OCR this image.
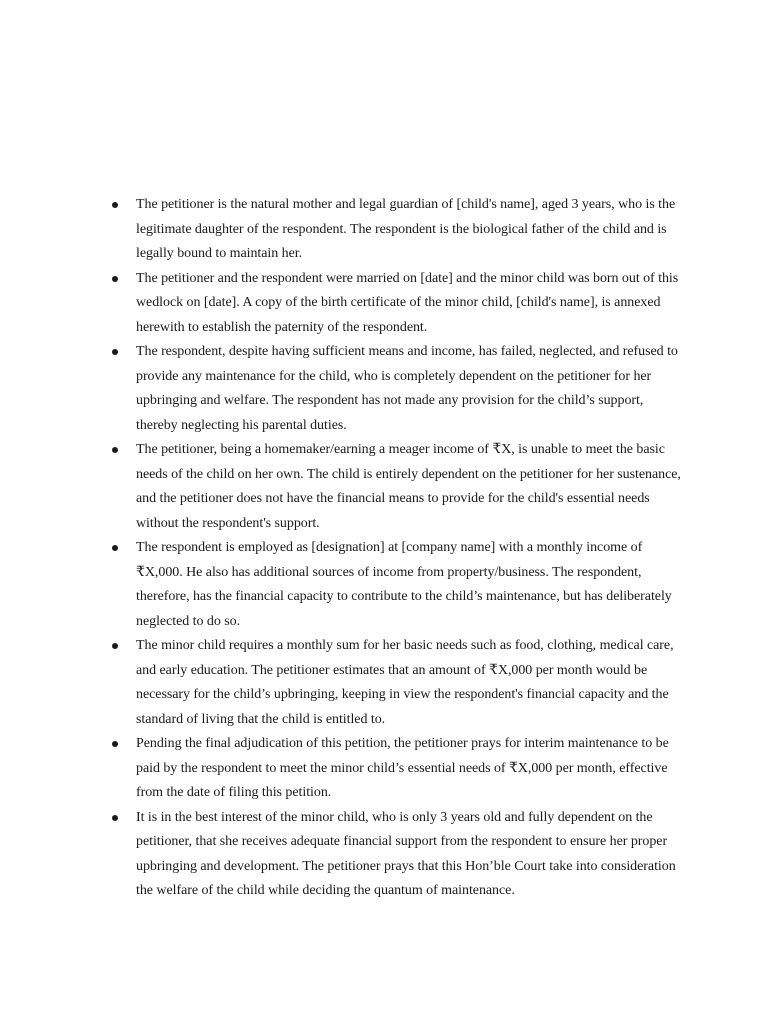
The petitioner is the natural mother and legal guardian of [child's name], aged 3 years, who is the legitimate daughter of the respondent. The respondent is the biological father of the child and is legally bound to maintain her.
The petitioner and the respondent were married on [date] and the minor child was born out of this wedlock on [date]. A copy of the birth certificate of the minor child, [child's name], is annexed herewith to establish the paternity of the respondent.
The respondent, despite having sufficient means and income, has failed, neglected, and refused to provide any maintenance for the child, who is completely dependent on the petitioner for her upbringing and welfare. The respondent has not made any provision for the child’s support, thereby neglecting his parental duties.
The petitioner, being a homemaker/earning a meager income of ₹X, is unable to meet the basic needs of the child on her own. The child is entirely dependent on the petitioner for her sustenance, and the petitioner does not have the financial means to provide for the child's essential needs without the respondent's support.
The respondent is employed as [designation] at [company name] with a monthly income of ₹X,000. He also has additional sources of income from property/business. The respondent, therefore, has the financial capacity to contribute to the child’s maintenance, but has deliberately neglected to do so.
The minor child requires a monthly sum for her basic needs such as food, clothing, medical care, and early education. The petitioner estimates that an amount of ₹X,000 per month would be necessary for the child’s upbringing, keeping in view the respondent's financial capacity and the standard of living that the child is entitled to.
Pending the final adjudication of this petition, the petitioner prays for interim maintenance to be paid by the respondent to meet the minor child’s essential needs of ₹X,000 per month, effective from the date of filing this petition.
It is in the best interest of the minor child, who is only 3 years old and fully dependent on the petitioner, that she receives adequate financial support from the respondent to ensure her proper upbringing and development. The petitioner prays that this Hon’ble Court take into consideration the welfare of the child while deciding the quantum of maintenance.
